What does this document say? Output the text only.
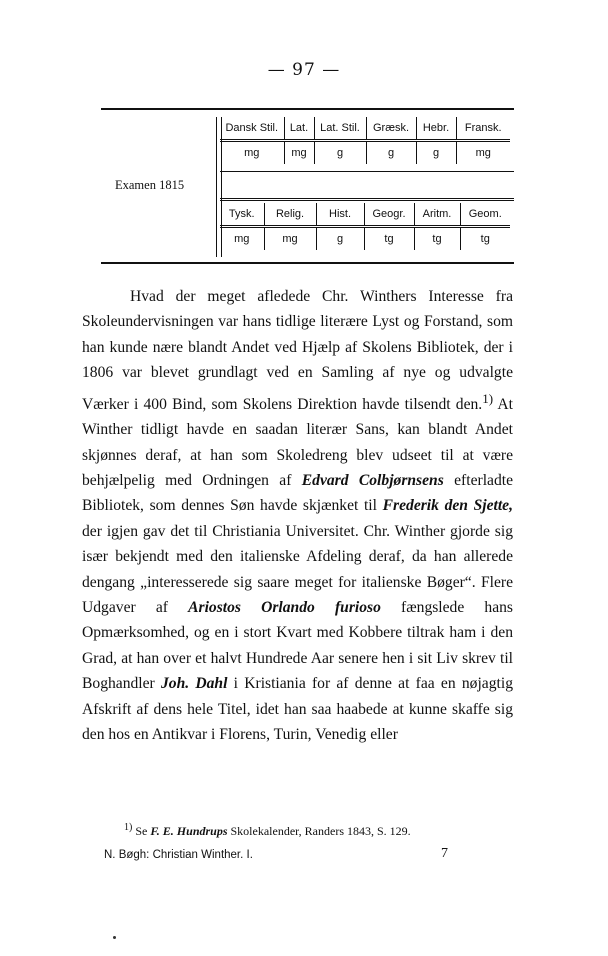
— 97 —
Examen 1815
Dansk Stil.	Lat.	Lat. Stil.	Græsk.	Hebr.	Fransk.
mg	mg	g	g	g	mg
Tysk.	Relig.	Hist.	Geogr.	Aritm.	Geom.
mg	mg	g	tg	tg	tg

Hvad der meget afledede Chr. Winthers Interesse fra Skoleundervisningen var hans tidlige literære Lyst og Forstand, som han kunde nære blandt Andet ved Hjælp af Skolens Bibliotek, der i 1806 var blevet grundlagt ved en Samling af nye og udvalgte Værker i 400 Bind, som Skolens Direktion havde tilsendt den.$^{1)}$ At Winther tidligt havde en saadan literær Sans, kan blandt Andet skjønnes deraf, at han som Skoledreng blev udseet til at være behjælpelig med Ordningen af Edvard Colbjørnsens efterladte Bibliotek, som dennes Søn havde skjænket til Frederik den Sjette, der igjen gav det til Christiania Universitet. Chr. Winther gjorde sig især bekjendt med den italienske Afdeling deraf, da han allerede dengang „interesserede sig saare meget for italienske Bøger“. Flere Udgaver af Ariostos Orlando furioso fængslede hans Opmærksomhed, og en i stort Kvart med Kobbere tiltrak ham i den Grad, at han over et halvt Hundrede Aar senere hen i sit Liv skrev til Boghandler Joh. Dahl i Kristiania for af denne at faa en nøjagtig Afskrift af dens hele Titel, idet han saa haabede at kunne skaffe sig den hos en Antikvar i Florens, Turin, Venedig eller

$^{1)}$ Se F. E. Hundrups Skolekalender, Randers 1843, S. 129.
N. Bøgh: Christian Winther. I.	7
